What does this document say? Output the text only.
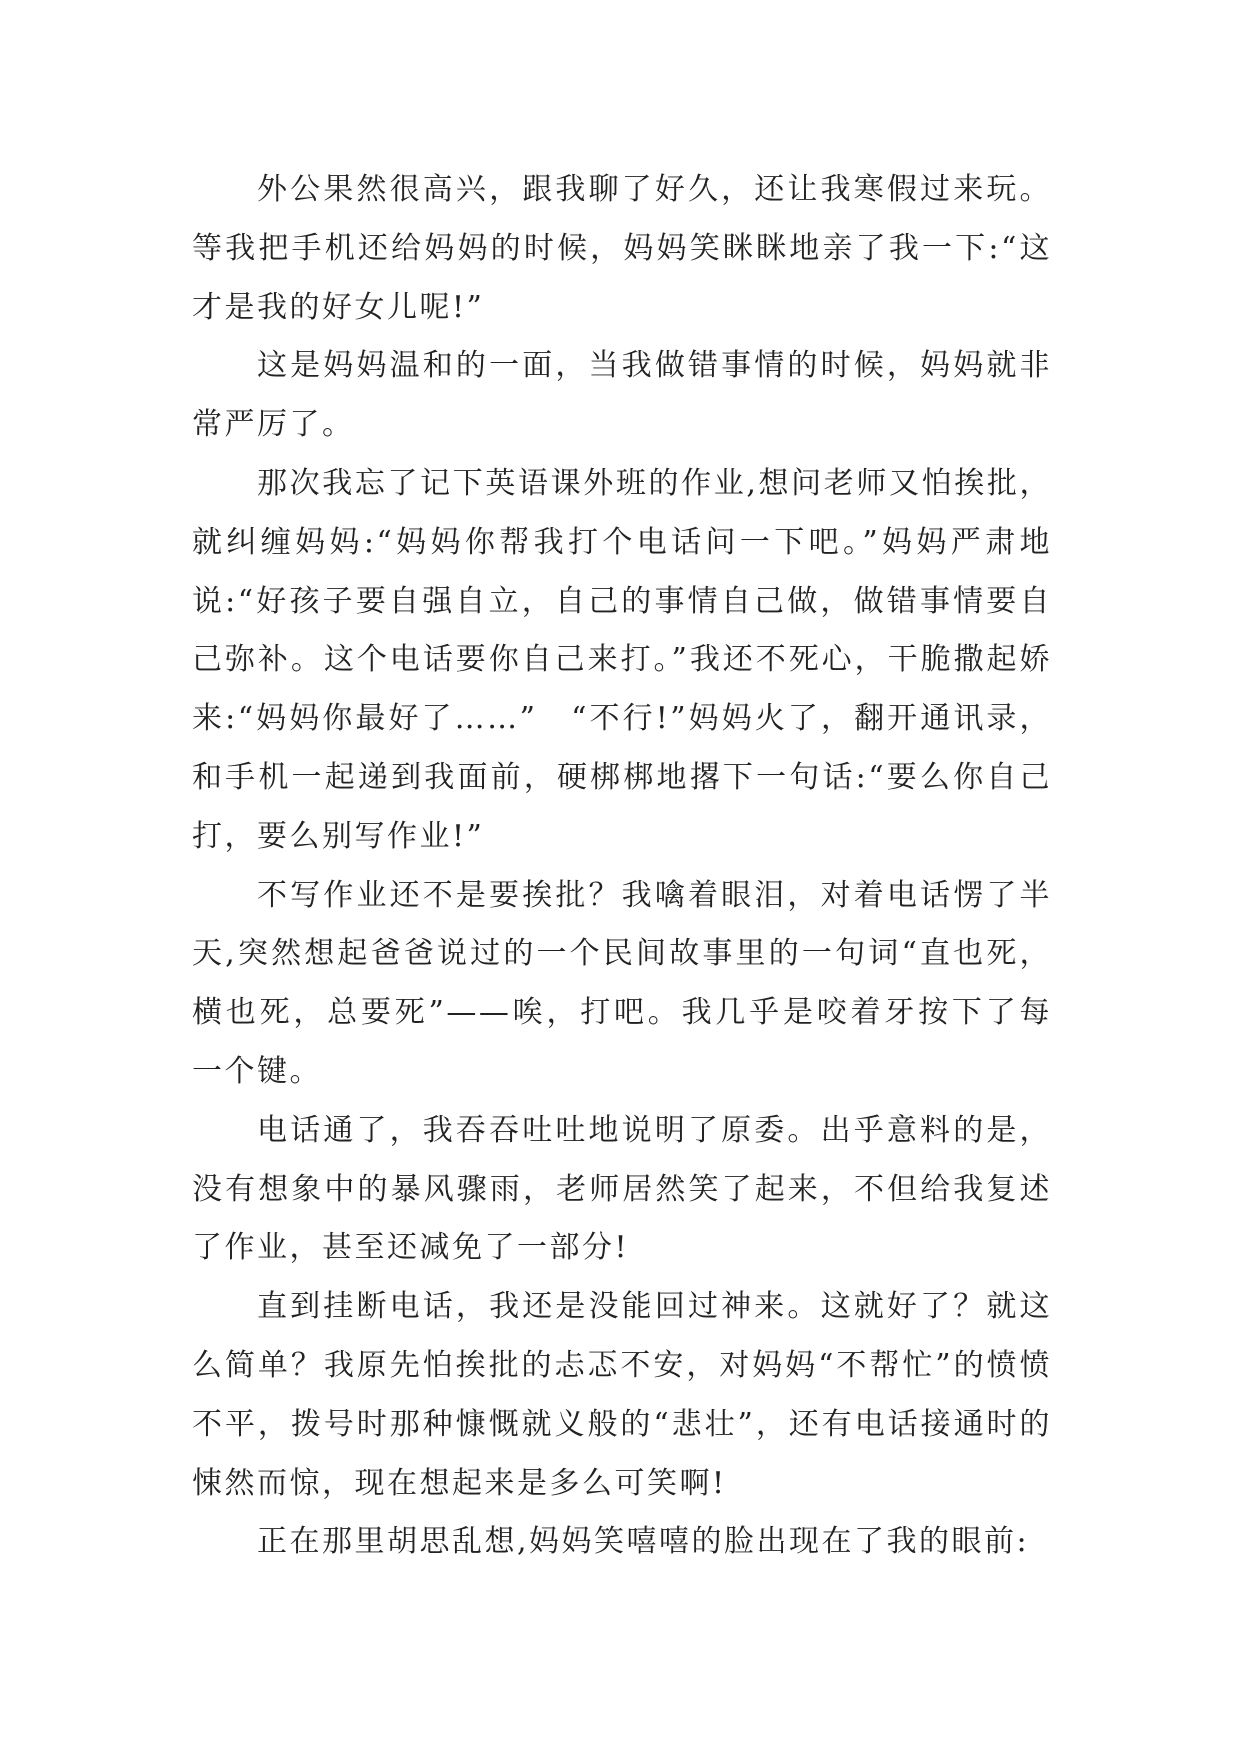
外公果然很高兴，跟我聊了好久，还让我寒假过来玩。等我把手机还给妈妈的时候，妈妈笑眯眯地亲了我一下:“这才是我的好女儿呢!”

这是妈妈温和的一面，当我做错事情的时候，妈妈就非常严厉了。

那次我忘了记下英语课外班的作业,想问老师又怕挨批，就纠缠妈妈:“妈妈你帮我打个电话问一下吧。”妈妈严肃地说:“好孩子要自强自立，自己的事情自己做，做错事情要自己弥补。这个电话要你自己来打。”我还不死心，干脆撒起娇来:“妈妈你最好了……”　“不行!”妈妈火了，翻开通讯录，和手机一起递到我面前，硬梆梆地撂下一句话:“要么你自己打，要么别写作业!”

不写作业还不是要挨批？我噙着眼泪，对着电话愣了半天,突然想起爸爸说过的一个民间故事里的一句词“直也死，横也死，总要死”——唉，打吧。我几乎是咬着牙按下了每一个键。

电话通了，我吞吞吐吐地说明了原委。出乎意料的是，没有想象中的暴风骤雨，老师居然笑了起来，不但给我复述了作业，甚至还减免了一部分!

直到挂断电话，我还是没能回过神来。这就好了？就这么简单？我原先怕挨批的忐忑不安，对妈妈“不帮忙”的愤愤不平，拨号时那种慷慨就义般的“悲壮”，还有电话接通时的悚然而惊，现在想起来是多么可笑啊!

正在那里胡思乱想,妈妈笑嘻嘻的脸出现在了我的眼前:
